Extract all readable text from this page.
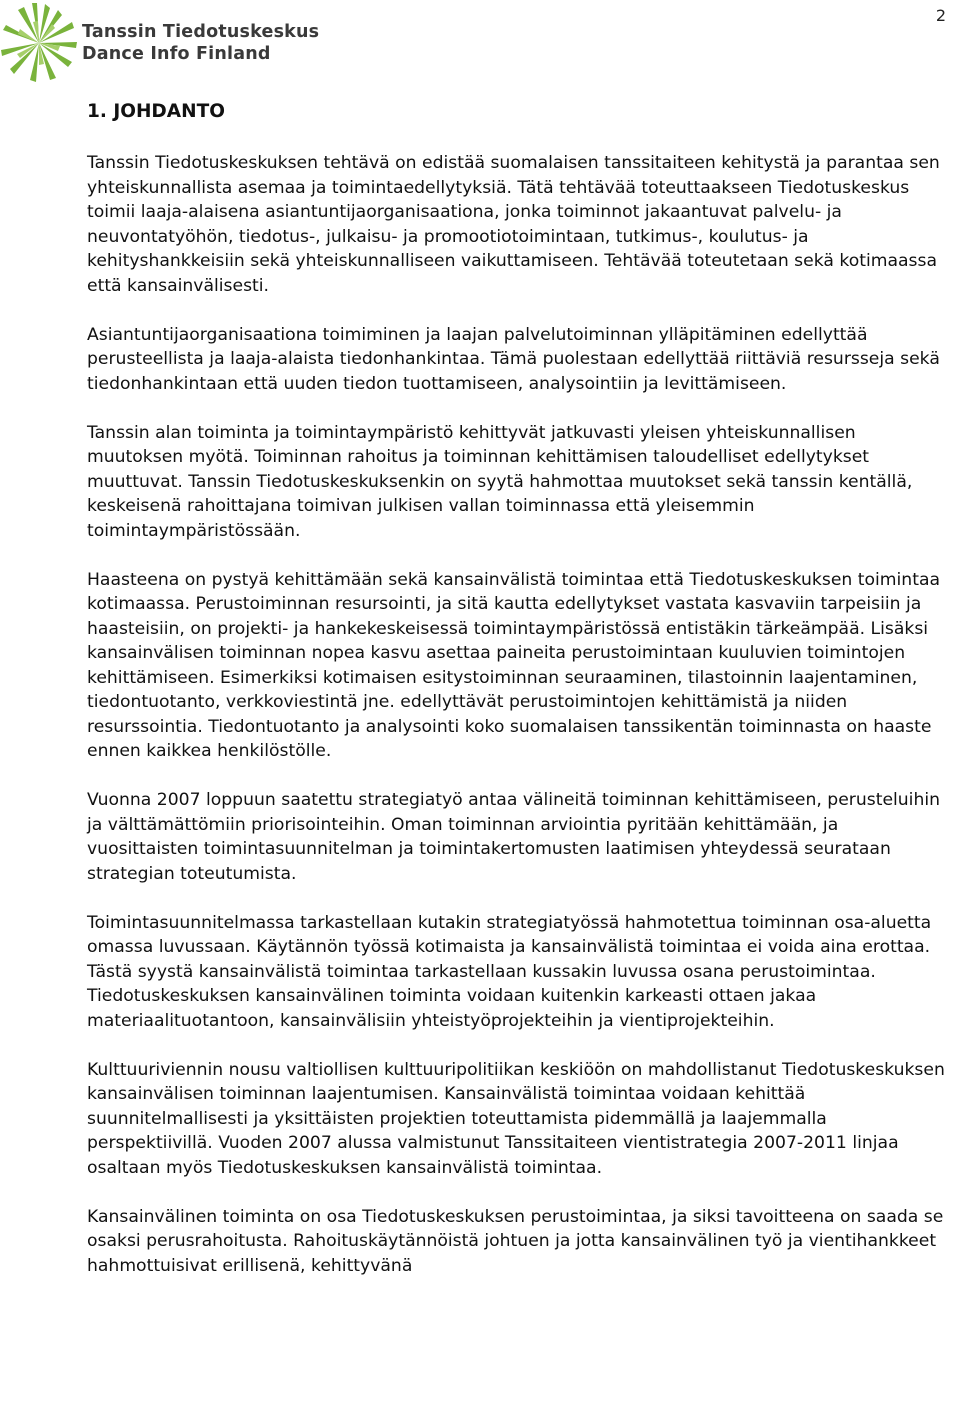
2
Tanssin Tiedotuskeskus
Dance Info Finland
1. JOHDANTO

Tanssin Tiedotuskeskuksen tehtävä on edistää suomalaisen tanssitaiteen kehitystä ja parantaa sen yhteiskunnallista asemaa ja toimintaedellytyksiä. Tätä tehtävää toteuttaakseen Tiedotuskeskus toimii laaja-alaisena asiantuntijaorganisaationa, jonka toiminnot jakaantuvat palvelu- ja neuvontatyöhön, tiedotus-, julkaisu- ja promootiotoimintaan, tutkimus-, koulutus- ja kehityshankkeisiin sekä yhteiskunnalliseen vaikuttamiseen. Tehtävää toteutetaan sekä kotimaassa että kansainvälisesti.

Asiantuntijaorganisaationa toimiminen ja laajan palvelutoiminnan ylläpitäminen edellyttää perusteellista ja laaja-alaista tiedonhankintaa. Tämä puolestaan edellyttää riittäviä resursseja sekä tiedonhankintaan että uuden tiedon tuottamiseen, analysointiin ja levittämiseen.

Tanssin alan toiminta ja toimintaympäristö kehittyvät jatkuvasti yleisen yhteiskunnallisen muutoksen myötä. Toiminnan rahoitus ja toiminnan kehittämisen taloudelliset edellytykset muuttuvat. Tanssin Tiedotuskeskuksenkin on syytä hahmottaa muutokset sekä tanssin kentällä, keskeisenä rahoittajana toimivan julkisen vallan toiminnassa että yleisemmin toimintaympäristössään.

Haasteena on pystyä kehittämään sekä kansainvälistä toimintaa että Tiedotuskeskuksen toimintaa kotimaassa. Perustoiminnan resursointi, ja sitä kautta edellytykset vastata kasvaviin tarpeisiin ja haasteisiin, on projekti- ja hankekeskeisessä toimintaympäristössä entistäkin tärkeämpää. Lisäksi kansainvälisen toiminnan nopea kasvu asettaa paineita perustoimintaan kuuluvien toimintojen kehittämiseen. Esimerkiksi kotimaisen esitystoiminnan seuraaminen, tilastoinnin laajentaminen, tiedontuotanto, verkkoviestintä jne. edellyttävät perustoimintojen kehittämistä ja niiden resurssointia. Tiedontuotanto ja analysointi koko suomalaisen tanssikentän toiminnasta on haaste ennen kaikkea henkilöstölle.

Vuonna 2007 loppuun saatettu strategiatyö antaa välineitä toiminnan kehittämiseen, perusteluihin ja välttämättömiin priorisointeihin. Oman toiminnan arviointia pyritään kehittämään, ja vuosittaisten toimintasuunnitelman ja toimintakertomusten laatimisen yhteydessä seurataan strategian toteutumista.

Toimintasuunnitelmassa tarkastellaan kutakin strategiatyössä hahmotettua toiminnan osa-aluetta omassa luvussaan. Käytännön työssä kotimaista ja kansainvälistä toimintaa ei voida aina erottaa. Tästä syystä kansainvälistä toimintaa tarkastellaan kussakin luvussa osana perustoimintaa. Tiedotuskeskuksen kansainvälinen toiminta voidaan kuitenkin karkeasti ottaen jakaa materiaalituotantoon, kansainvälisiin yhteistyöprojekteihin ja vientiprojekteihin.

Kulttuuriviennin nousu valtiollisen kulttuuripolitiikan keskiöön on mahdollistanut Tiedotuskeskuksen kansainvälisen toiminnan laajentumisen. Kansainvälistä toimintaa voidaan kehittää suunnitelmallisesti ja yksittäisten projektien toteuttamista pidemmällä ja laajemmalla perspektiivillä. Vuoden 2007 alussa valmistunut Tanssitaiteen vientistrategia 2007-2011 linjaa osaltaan myös Tiedotuskeskuksen kansainvälistä toimintaa.

Kansainvälinen toiminta on osa Tiedotuskeskuksen perustoimintaa, ja siksi tavoitteena on saada se osaksi perusrahoitusta. Rahoituskäytännöistä johtuen ja jotta kansainvälinen työ ja vientihankkeet hahmottuisivat erillisenä, kehittyvänä
